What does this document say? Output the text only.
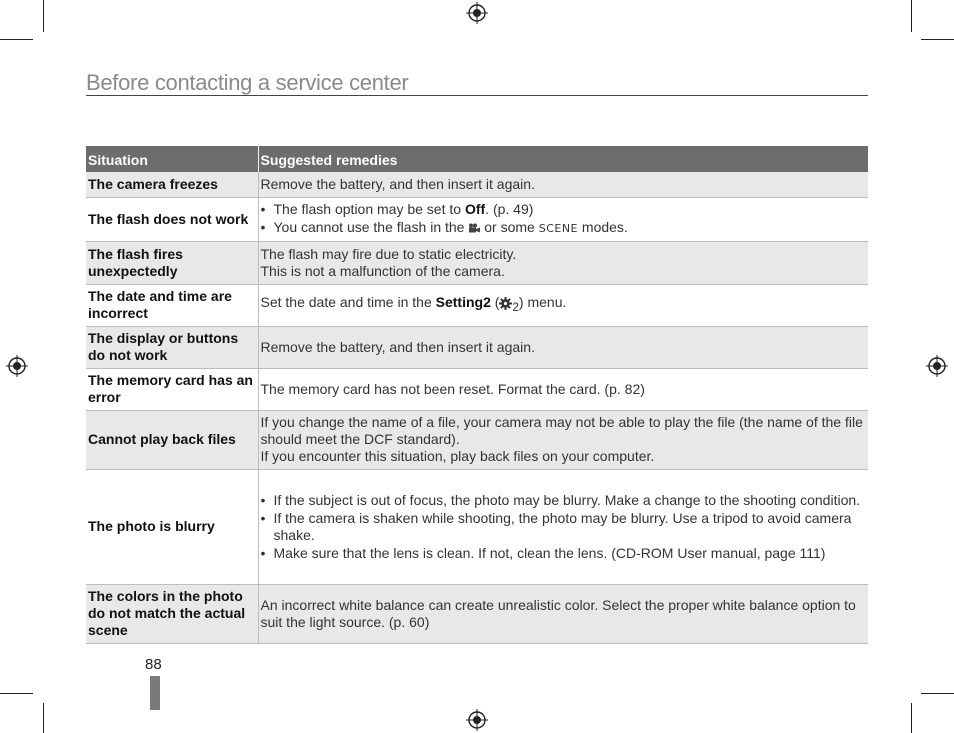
Before contacting a service center
Situation	Suggested remedies
The camera freezes	Remove the battery, and then insert it again.
The flash does not work	• The flash option may be set to Off. (p. 49)
• You cannot use the flash in the  or some SCENE modes.

The flash fires unexpectedly	The flash may fire due to static electricity.
This is not a malfunction of the camera.

The date and time are incorrect	Set the date and time in the Setting2 ( $_2$) menu.
The display or buttons do not work	Remove the battery, and then insert it again.
The memory card has an error	The memory card has not been reset. Format the card. (p. 82)
Cannot play back files	If you change the name of a file, your camera may not be able to play the file (the name of the file should meet the DCF standard).
If you encounter this situation, play back files on your computer.

The photo is blurry	• If the subject is out of focus, the photo may be blurry. Make a change to the shooting condition.
• If the camera is shaken while shooting, the photo may be blurry. Use a tripod to avoid camera shake.
• Make sure that the lens is clean. If not, clean the lens. (CD-ROM User manual, page 111)

The colors in the photo do not match the actual scene	An incorrect white balance can create unrealistic color. Select the proper white balance option to suit the light source. (p. 60)
88
